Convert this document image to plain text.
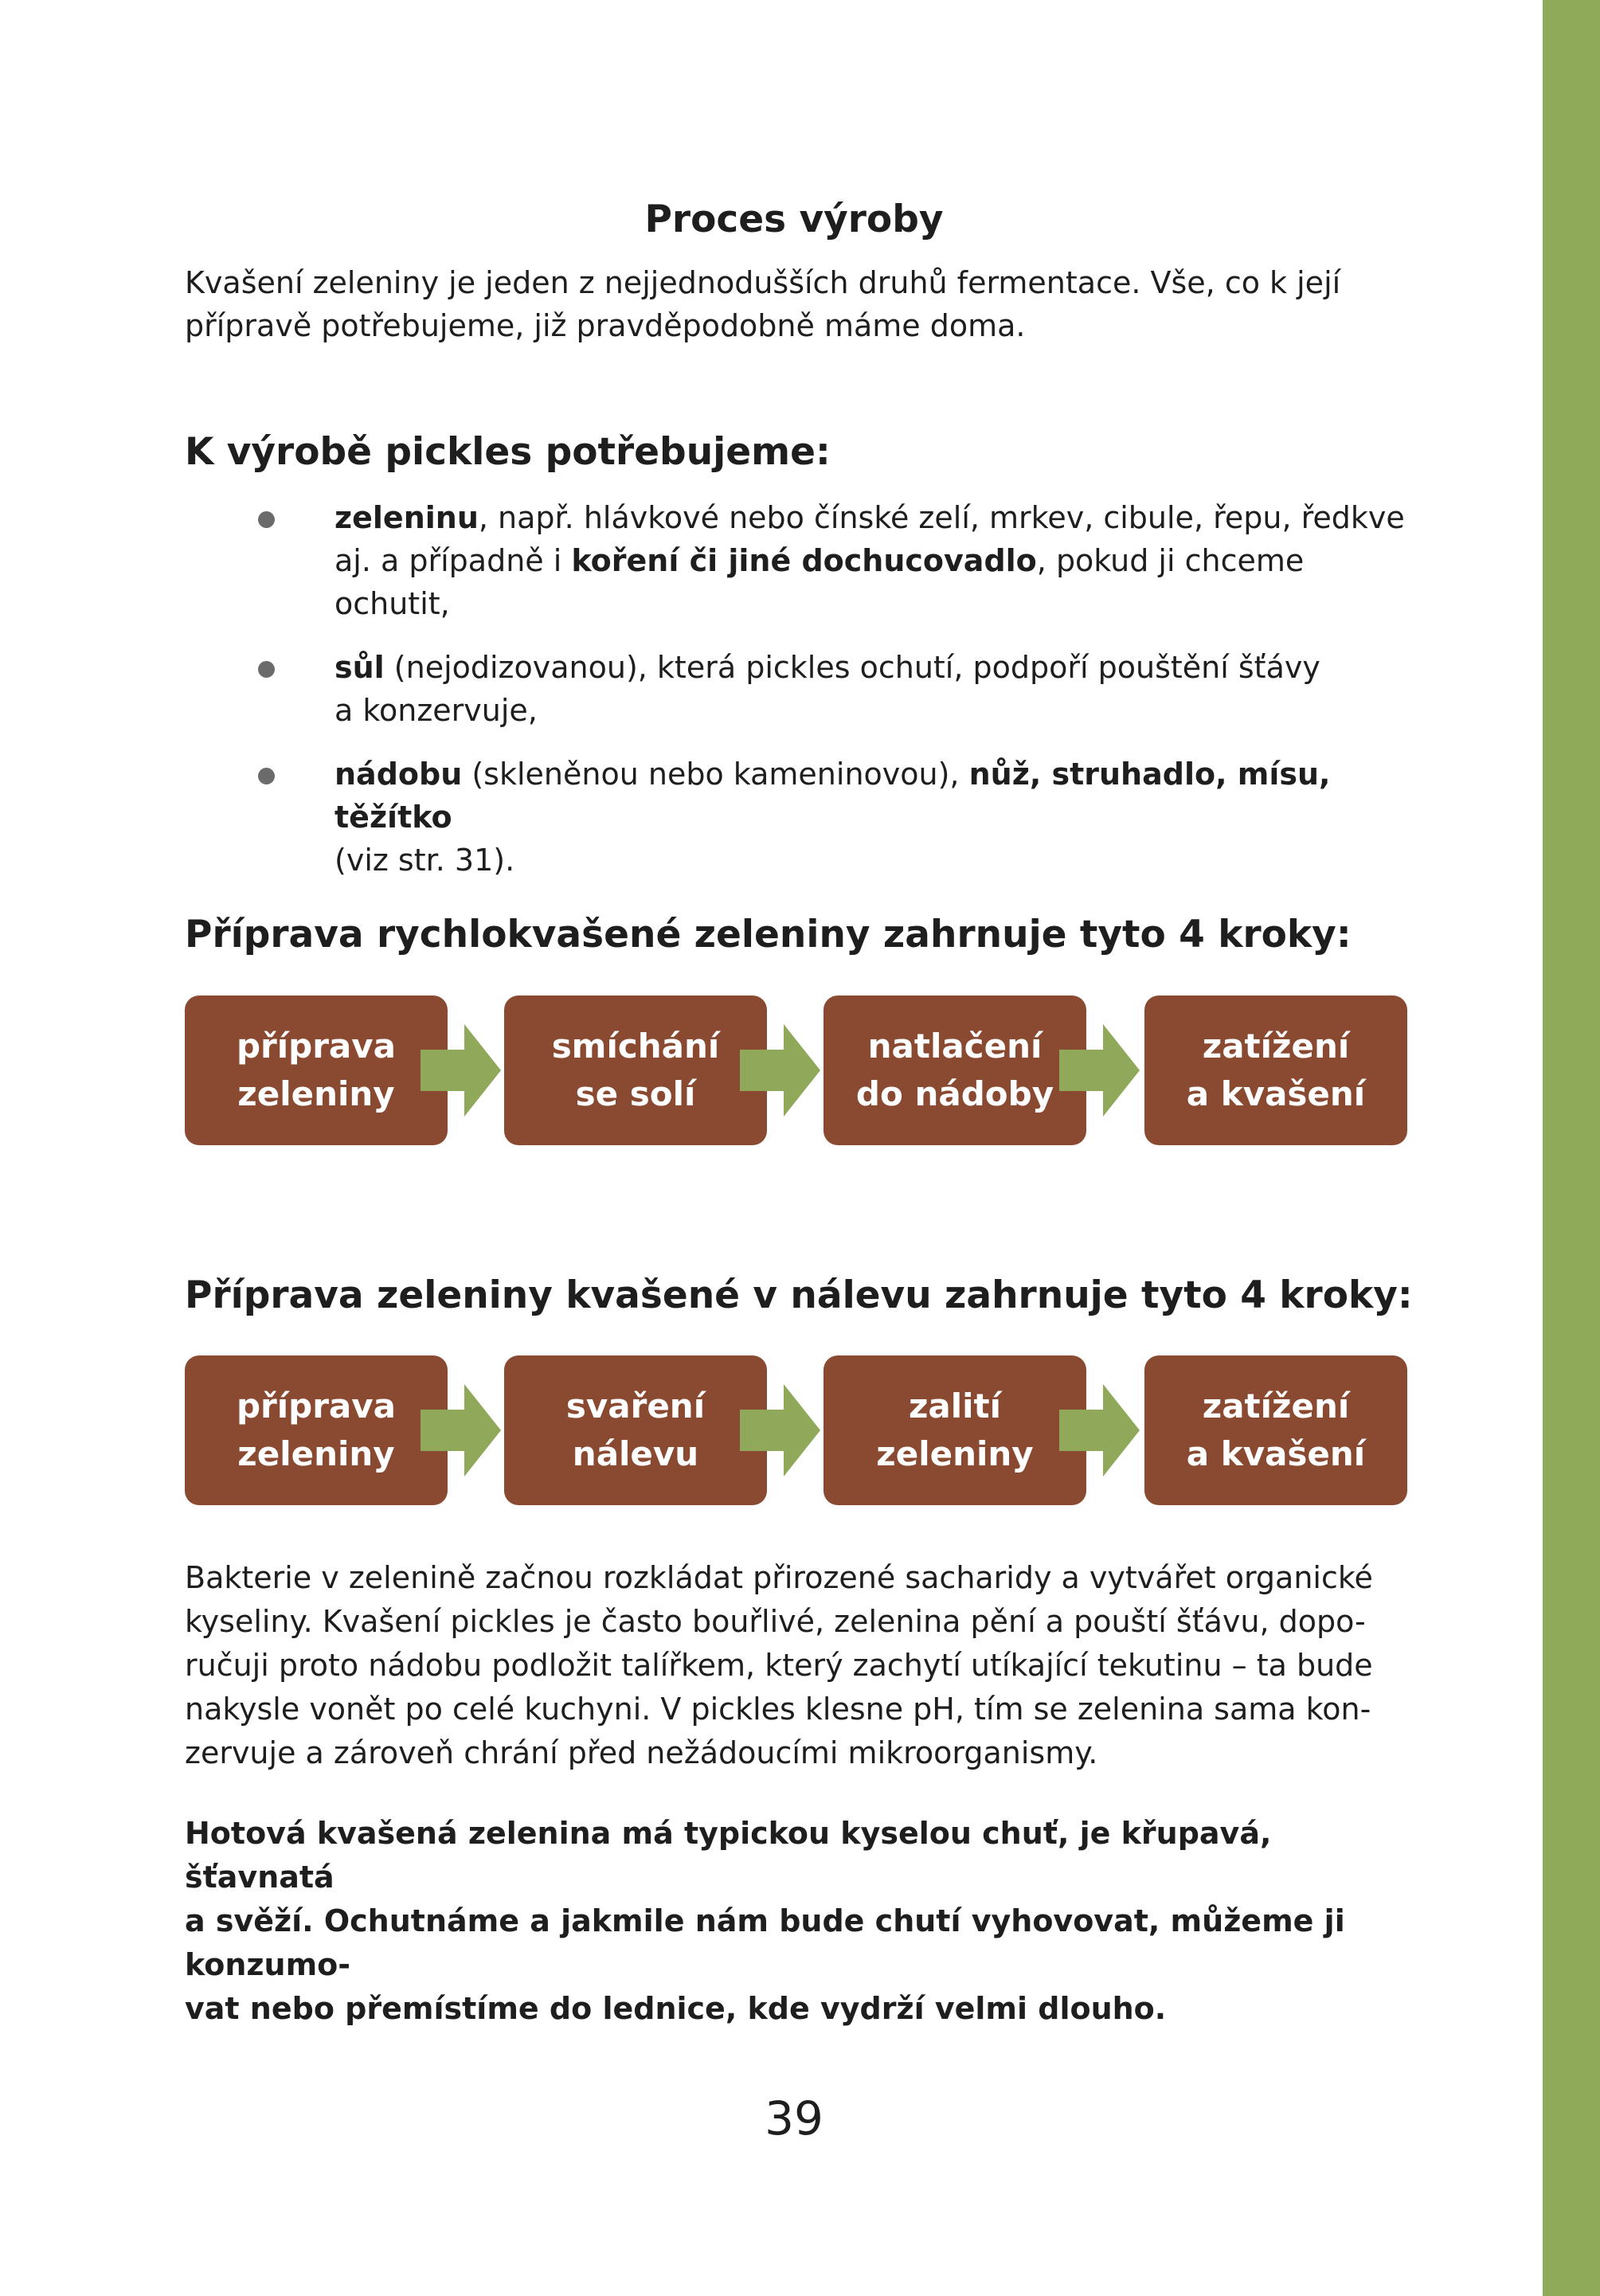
Proces výroby

Kvašení zeleniny je jeden z nejjednodušších druhů fermentace. Vše, co k její

přípravě potřebujeme, již pravděpodobně máme doma.

K výrobě pickles potřebujeme:
zeleninu, např. hlávkové nebo čínské zelí, mrkev, cibule, řepu, ředkve
aj. a případně i koření či jiné dochucovadlo, pokud ji chceme ochutit,
sůl (nejodizovanou), která pickles ochutí, podpoří pouštění šťávy
a konzervuje,
nádobu (skleněnou nebo kameninovou), nůž, struhadlo, mísu, těžítko
(viz str. 31).
Příprava rychlokvašené zeleniny zahrnuje tyto 4 kroky:
příprava
zeleniny
smíchání
se solí
natlačení
do nádoby
zatížení
a kvašení
Příprava zeleniny kvašené v nálevu zahrnuje tyto 4 kroky:
příprava
zeleniny
svaření
nálevu
zalití
zeleniny
zatížení
a kvašení
Bakterie v zelenině začnou rozkládat přirozené sacharidy a vytvářet organické
kyseliny. Kvašení pickles je často bouřlivé, zelenina pění a pouští šťávu, dopo-
ručuji proto nádobu podložit talířkem, který zachytí utíkající tekutinu – ta bude
nakysle vonět po celé kuchyni. V pickles klesne pH, tím se zelenina sama kon-
zervuje a zároveň chrání před nežádoucími mikroorganismy.
Hotová kvašená zelenina má typickou kyselou chuť, je křupavá, šťavnatá
a svěží. Ochutnáme a jakmile nám bude chutí vyhovovat, můžeme ji konzumo-
vat nebo přemístíme do lednice, kde vydrží velmi dlouho.
39
